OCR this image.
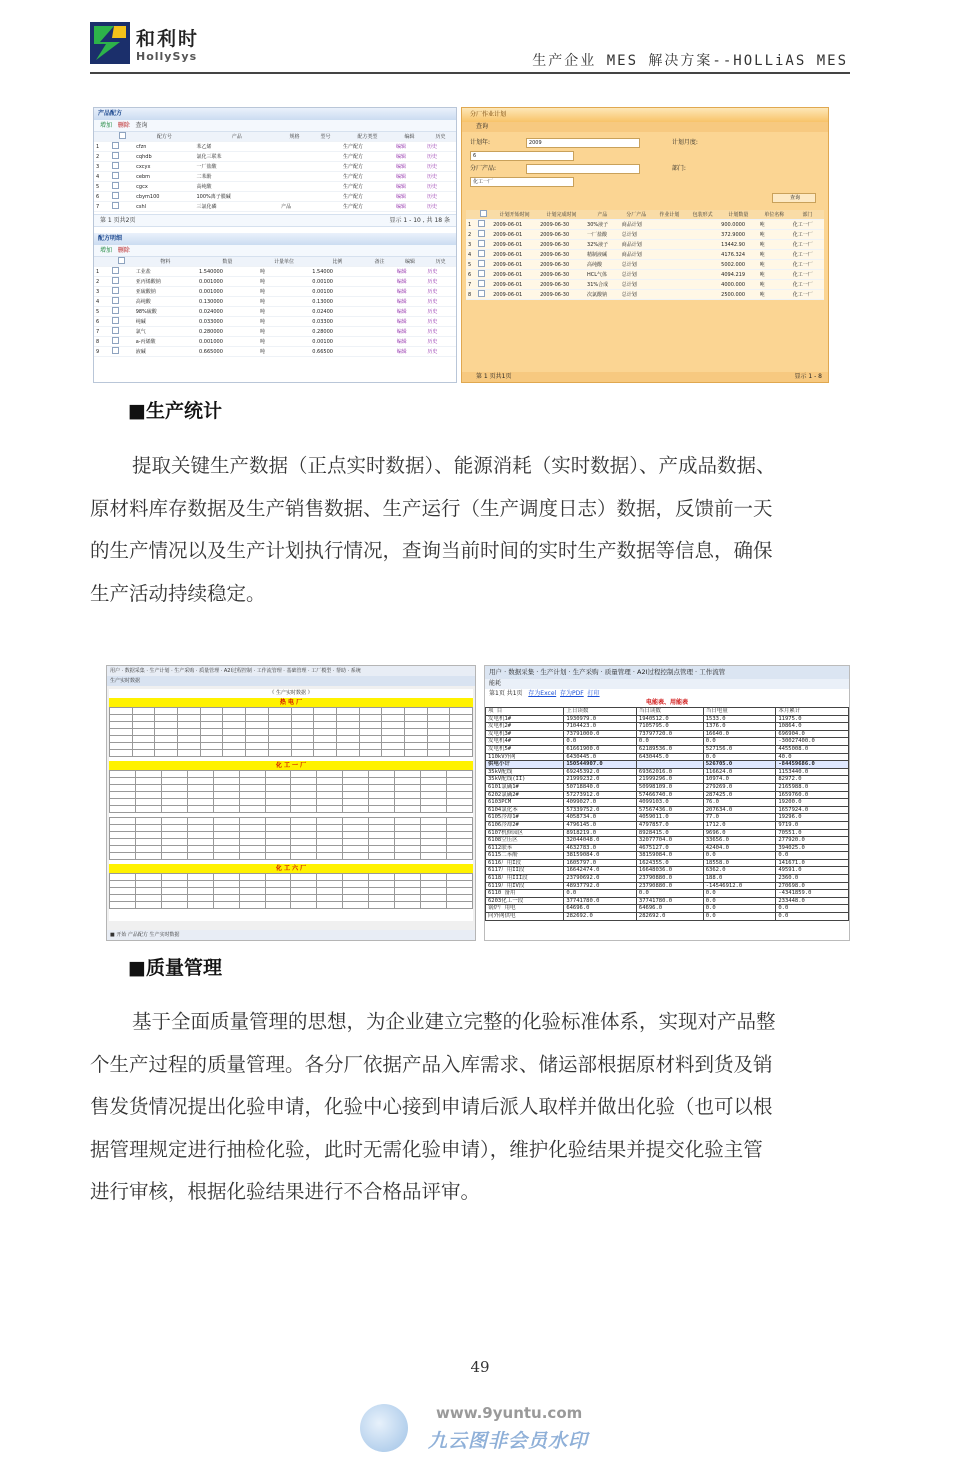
和利时
HollySys	生产企业 MES 解决方案--HOLLiAS MES
产品配方
增加 删除 查询
		配方号	产品	规格	型号	配方类型	编辑	历史
1		cfzn	苯乙烯			生产配方	编辑	历史
2		cqhdb	氯化三联苯			生产配方	编辑	历史
3		cxcyx	一厂盐酸			生产配方	编辑	历史
4		cebm	二苯酚			生产配方	编辑	历史
5		cgcx	高纯酸			生产配方	编辑	历史
6		cbym100	100%离子膜碱			生产配方	编辑	历史
7		cshl	三氯化磷	产品		生产配方	编辑	历史
第 1 页共2页	显示 1 - 10 , 共 18 条
配方明细
增加 删除
		物料	数量	计量单位	比例	备注	编辑	历史
1		工业盐	1.540000	吨	1.54000		编辑	历史
2		亚丙烯酸钠	0.001000	吨	0.00100		编辑	历史
3		亚硫酸钠	0.001000	吨	0.00100		编辑	历史
4		高纯酸	0.130000	吨	0.13000		编辑	历史
5		98%硫酸	0.024000	吨	0.02400		编辑	历史
6		纯碱	0.033000	吨	0.03300		编辑	历史
7		氯气	0.280000	吨	0.28000		编辑	历史
8		a-丙烯酸	0.001000	吨	0.00100		编辑	历史
9		液碱	0.665000	吨	0.66500		编辑	历史
分厂作业计划
查询
计划年:	2009	计划月度: 6
分厂产品:	部门: 化工一厂
查询
		计划开始时间	计划完成时间	产品	分厂产品	作业计划	包装形式	计划数量	单位名称	部门
1		2009-06-01	2009-06-30	30%液子	商品计划			900.0000	吨	化工一厂
2		2009-06-01	2009-06-30	一厂盐酸	总计划			372.9000	吨	化工一厂
3		2009-06-01	2009-06-30	32%液子	商品计划			13442.90	吨	化工一厂
4		2009-06-01	2009-06-30	精制液碱	商品计划			4176.324	吨	化工一厂
5		2009-06-01	2009-06-30	高纯酸	总计划			5002.000	吨	化工一厂
6		2009-06-01	2009-06-30	HCL气体	总计划			4094.219	吨	化工一厂
7		2009-06-01	2009-06-30	31%合成	总计划			4000.000	吨	化工一厂
8		2009-06-01	2009-06-30	次氯酸钠	总计划			2500.000	吨	化工一厂
第 1 页共1页	显示 1 - 8
■生产统计
提取关键生产数据（正点实时数据）、能源消耗（实时数据）、产成品数据、
原材料库存数据及生产销售数据、生产运行（生产调度日志）数据，反馈前一天
的生产情况以及生产计划执行情况，查询当前时间的实时生产数据等信息，确保
生产活动持续稳定。
用户 · 数据采集 · 生产计划 · 生产采购 · 质量管理 · A2I过程控制 · 工作流管理 · 基础管理 · 工厂模型 · 帮助 · 系统
生产实时数据
《 生产实时数据 》
热 电 厂

化 工 一 厂

化 工 六 厂

■ 开始 产品配方 生产实时数据
用户 · 数据采集 · 生产计划 · 生产采购 · 质量管理 · A2I过程控制点管理 · 工作流管
能耗
第1页 共1页 存为Excel 存为PDF 打印
电能表、用能表
项 目	上日读数	当日读数	当日电量	本月累计
发电机1#	1930979.0	1940512.0	1533.0	11975.0
发电机2#	7104423.0	7105795.0	1376.0	10864.0
发电机3#	73791000.0	73797720.0	16640.0	696904.0
发电机4#	0.0	0.0	0.0	-30027400.0
发电机5#	61661900.0	62189536.0	527156.0	4455008.0
110kV外网	6430445.0	6430445.0	0.0	40.0
供电小计	150544907.0		526705.0	-84459686.0
35kV配线	69245392.0	69362016.0	116624.0	1153440.0
35kV配线(II)	21999232.0	21999296.0	10974.0	82972.0
6101氯碱1#	50718840.0	50998109.0	279269.0	2165988.0
6202氯碱2#	57273912.0	57466740.0	287425.0	1659760.0
6103PCM	4099027.0	4099103.0	76.0	19200.0
6104氯化苯	57339752.0	57567436.0	207634.0	1657924.0
6105冷却1#	4058734.0	4059011.0	77.0	19296.0
6106冷却2#	4796145.0	4797857.0	1712.0	9719.0
6107机修园区	8918219.0	8928415.0	9696.0	70551.0
6108空压区	32044048.0	32077704.0	33656.0	277920.0
6112联苯	4632783.0	4675127.0	42404.0	394025.0
6115二苯酚	38159084.0	38159084.0	0.0	0.0
6116厂用I段	1605797.0	1624355.0	18558.0	141671.0
6117厂用II段	16642474.0	16648036.0	6362.0	49591.0
6118厂用III段	23790692.0	23790880.0	188.0	2360.0
6119厂用IV段	48937792.0	23790880.0	-14546912.0	270698.0
6110 备用	0.0	0.0	0.0	-4341859.0
6203化工一段	37741780.0	37741780.0	0.0	233448.0
锅炉厂用电	64696.0	64696.0	0.0	0.0
向外网供电	282692.0	282692.0	0.0	0.0
■质量管理
基于全面质量管理的思想，为企业建立完整的化验标准体系，实现对产品整
个生产过程的质量管理。各分厂依据产品入库需求、储运部根据原材料到货及销
售发货情况提出化验申请，化验中心接到申请后派人取样并做出化验（也可以根
据管理规定进行抽检化验，此时无需化验申请），维护化验结果并提交化验主管
进行审核，根据化验结果进行不合格品评审。
49
www.9yuntu.com
九云图非会员水印
